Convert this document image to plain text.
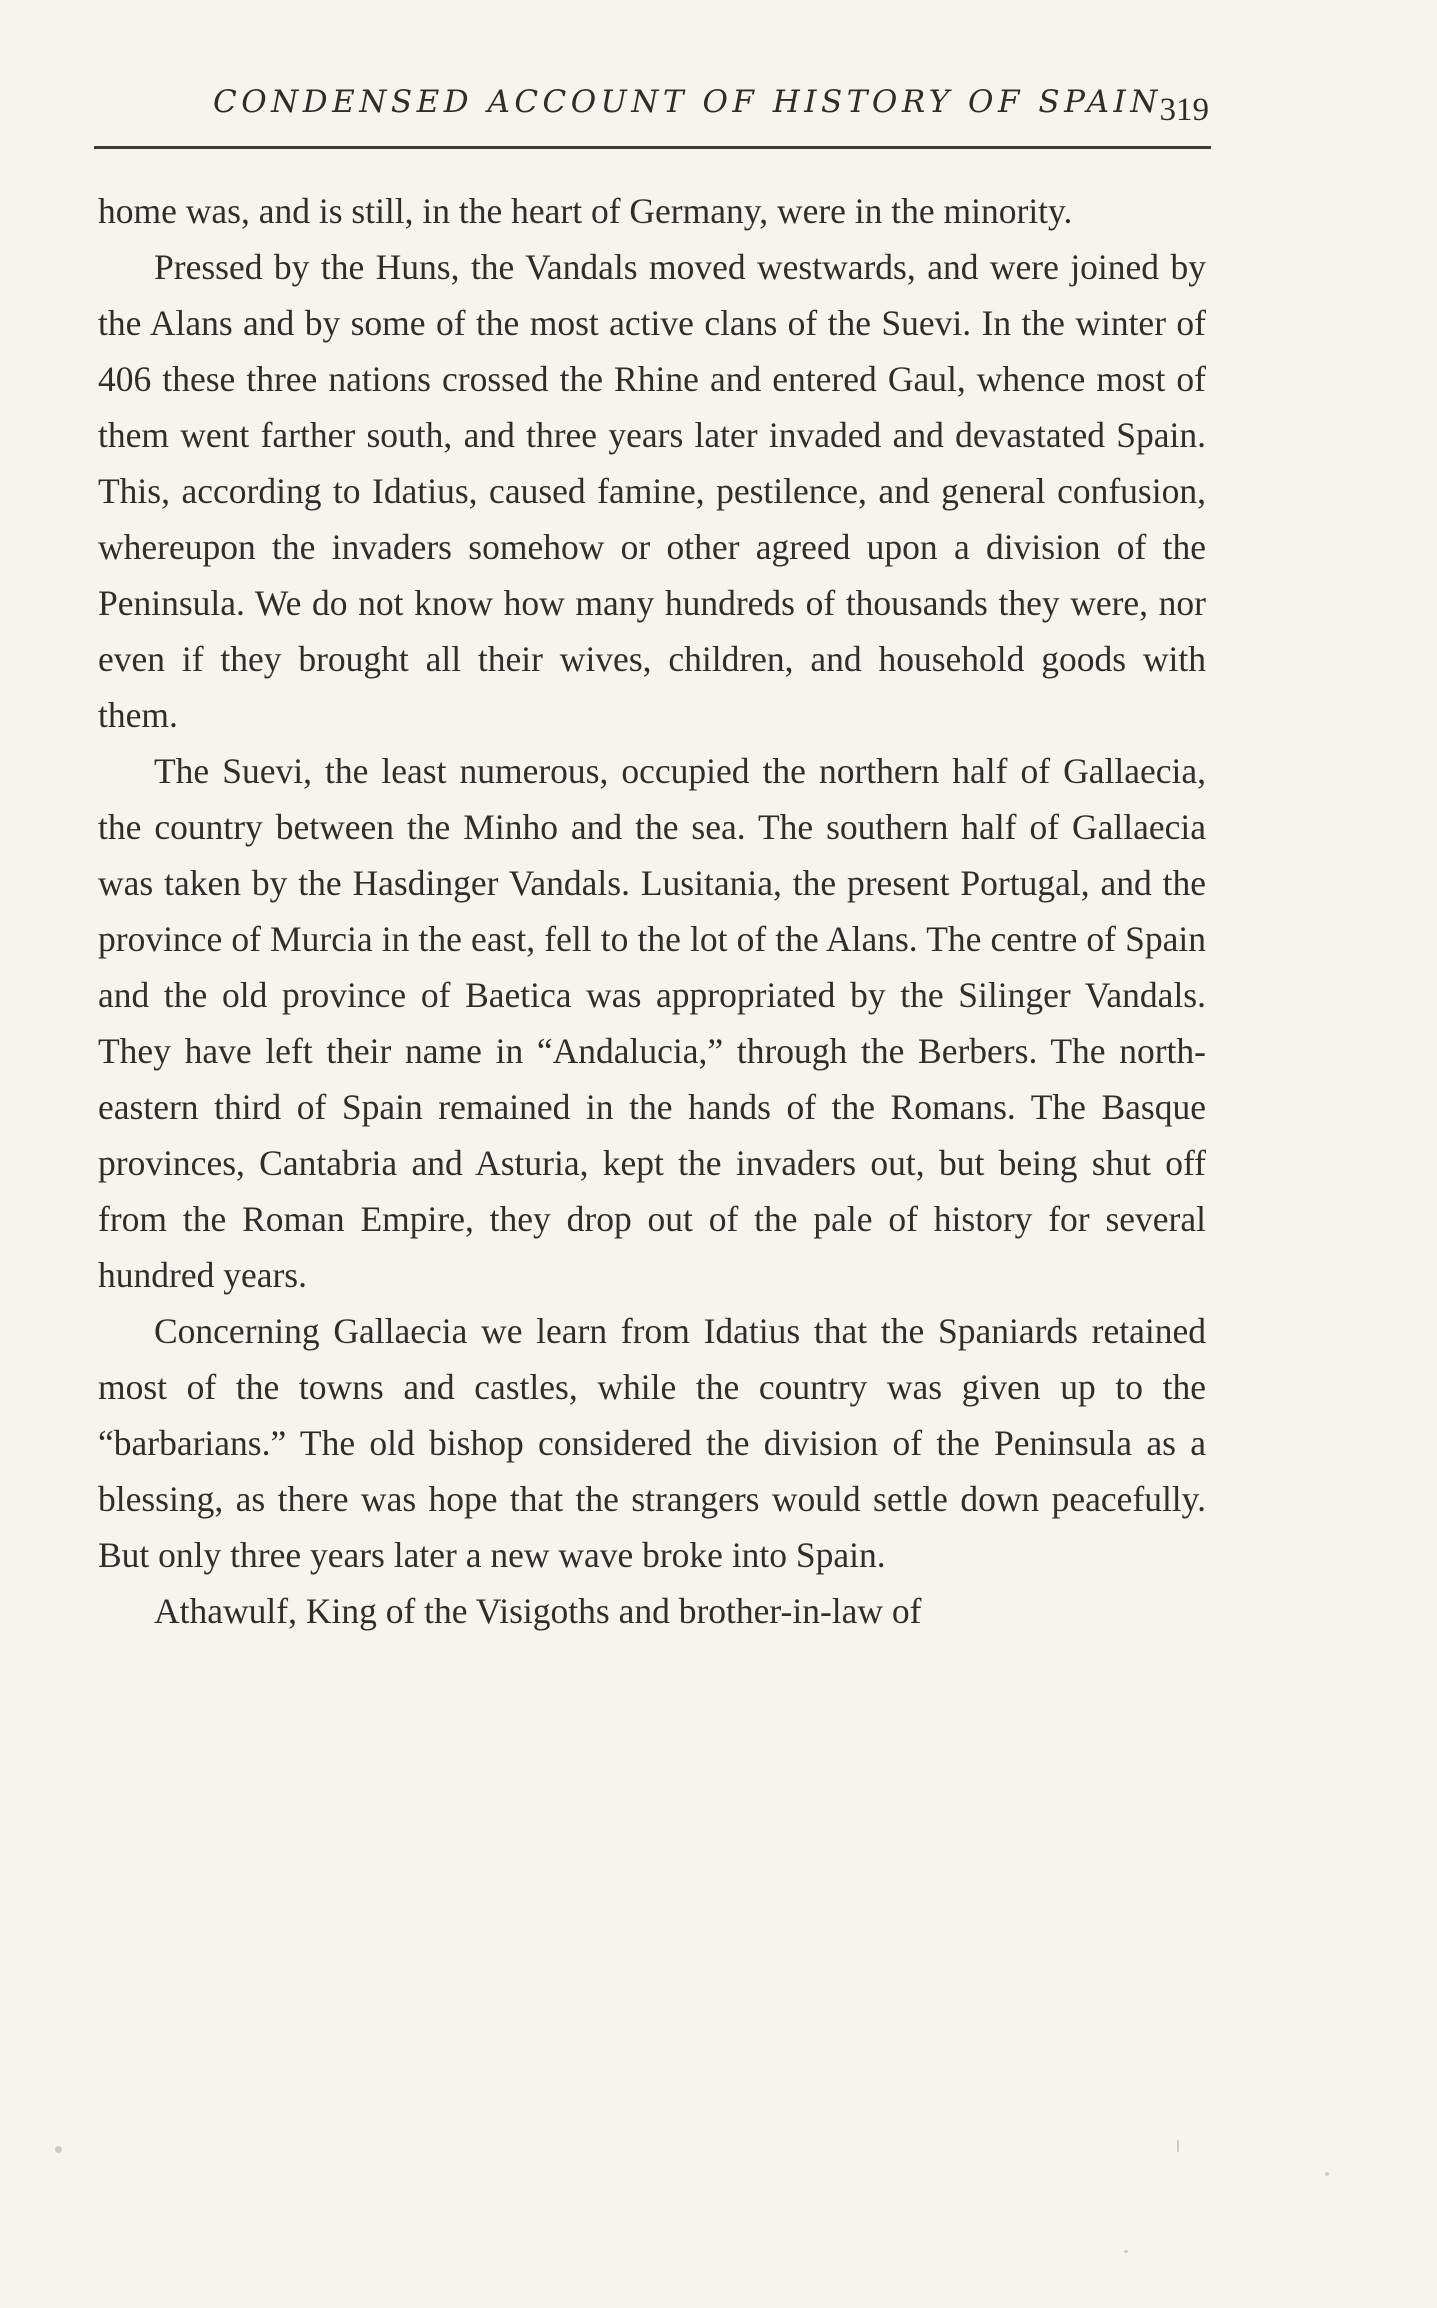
CONDENSED ACCOUNT OF HISTORY OF SPAIN
319

home was, and is still, in the heart of Germany, were in the minority.

Pressed by the Huns, the Vandals moved westwards, and were joined by the Alans and by some of the most active clans of the Suevi. In the winter of 406 these three nations crossed the Rhine and entered Gaul, whence most of them went farther south, and three years later invaded and devastated Spain. This, according to Idatius, caused famine, pestilence, and general confusion, whereupon the invaders somehow or other agreed upon a division of the Peninsula. We do not know how many hundreds of thousands they were, nor even if they brought all their wives, children, and household goods with them.

The Suevi, the least numerous, occupied the northern half of Gallaecia, the country between the Minho and the sea. The southern half of Gallaecia was taken by the Hasdinger Vandals. Lusitania, the present Portugal, and the province of Murcia in the east, fell to the lot of the Alans. The centre of Spain and the old province of Baetica was appropriated by the Silinger Vandals. They have left their name in “Andalucia,” through the Berbers. The north-eastern third of Spain remained in the hands of the Romans. The Basque provinces, Cantabria and Asturia, kept the invaders out, but being shut off from the Roman Empire, they drop out of the pale of history for several hundred years.

Concerning Gallaecia we learn from Idatius that the Spaniards retained most of the towns and castles, while the country was given up to the “barbarians.” The old bishop considered the division of the Peninsula as a blessing, as there was hope that the strangers would settle down peacefully. But only three years later a new wave broke into Spain.

Athawulf, King of the Visigoths and brother-in-law of
